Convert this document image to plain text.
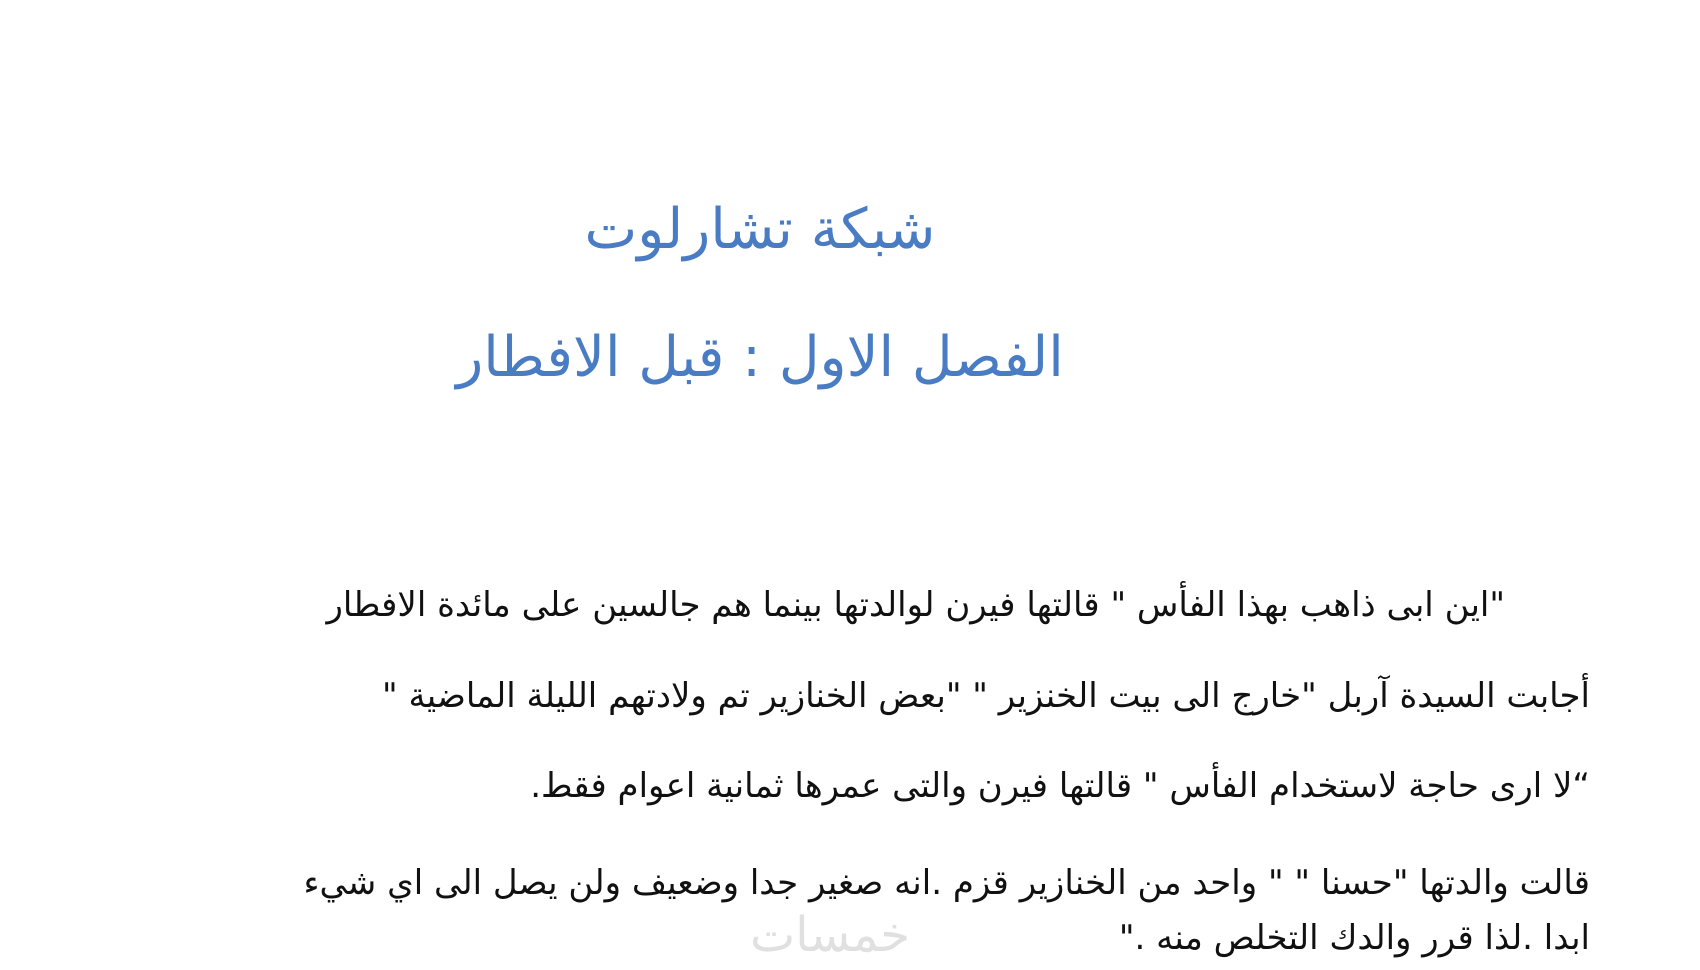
شبكة تشارلوت
الفصل الاول : قبل الافطار
"اين ابى ذاهب بهذا الفأس " قالتها فيرن لوالدتها بينما هم جالسين على مائدة الافطار
أجابت السيدة آربل "خارج الى بيت الخنزير " "بعض الخنازير تم ولادتهم الليلة الماضية "
“لا ارى حاجة لاستخدام الفأس " قالتها فيرن والتى عمرها ثمانية اعوام فقط.
قالت والدتها "حسنا " " واحد من الخنازير قزم .انه صغير جدا وضعيف ولن يصل الى اي شيء
ابدا .لذا قرر والدك التخلص منه ."
خمسات
